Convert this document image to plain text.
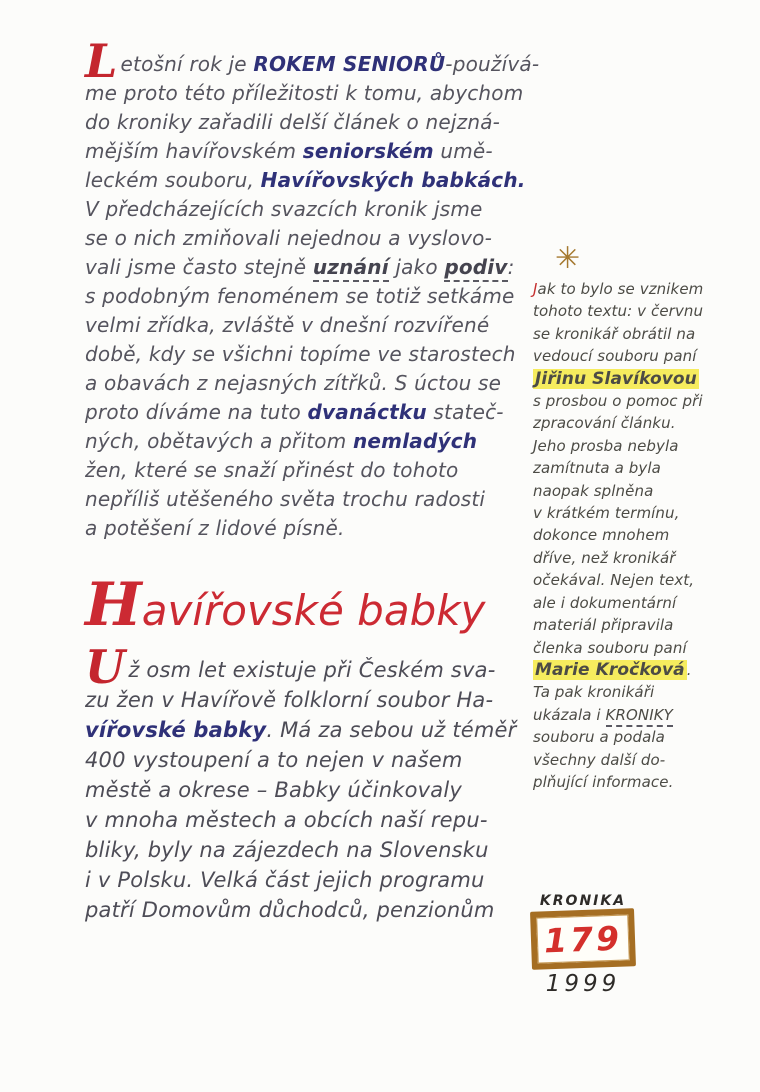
Letošní rok je ROKEM SENIORŮ-používá-
me proto této příležitosti k tomu, abychom
do kroniky zařadili delší článek o nejzná-
mějším havířovském seniorském umě-
leckém souboru, Havířovských babkách.
V předcházejících svazcích kronik jsme
se o nich zmiňovali nejednou a vyslovo-
vali jsme často stejně uznání jako podiv:
s podobným fenoménem se totiž setkáme
velmi zřídka, zvláště v dnešní rozvířené
době, kdy se všichni topíme ve starostech
a obavách z nejasných zítřků. S úctou se
proto díváme na tuto dvanáctku stateč-
ných, obětavých a přitom nemladých
žen, které se snaží přinést do tohoto
nepříliš utěšeného světa trochu radosti
a potěšení z lidové písně.
Havířovské babky
Už osm let existuje při Českém sva-
zu žen v Havířově folklorní soubor Ha-
vířovské babky. Má za sebou už téměř
400 vystoupení a to nejen v našem
městě a okrese – Babky účinkovaly
v mnoha městech a obcích naší repu-
bliky, byly na zájezdech na Slovensku
i v Polsku. Velká část jejich programu
patří Domovům důchodců, penzionům
✳
Jak to bylo se vznikem
tohoto textu: v červnu
se kronikář obrátil na
vedoucí souboru paní
Jiřinu Slavíkovou
s prosbou o pomoc při
zpracování článku.
Jeho prosba nebyla
zamítnuta a byla
naopak splněna
v krátkém termínu,
dokonce mnohem
dříve, než kronikář
očekával. Nejen text,
ale i dokumentární
materiál připravila
členka souboru paní
Marie Kročková .
Ta pak kronikáři
ukázala i KRONIKY
souboru a podala
všechny další do-
plňující informace.
KRONIKA
179
1999
